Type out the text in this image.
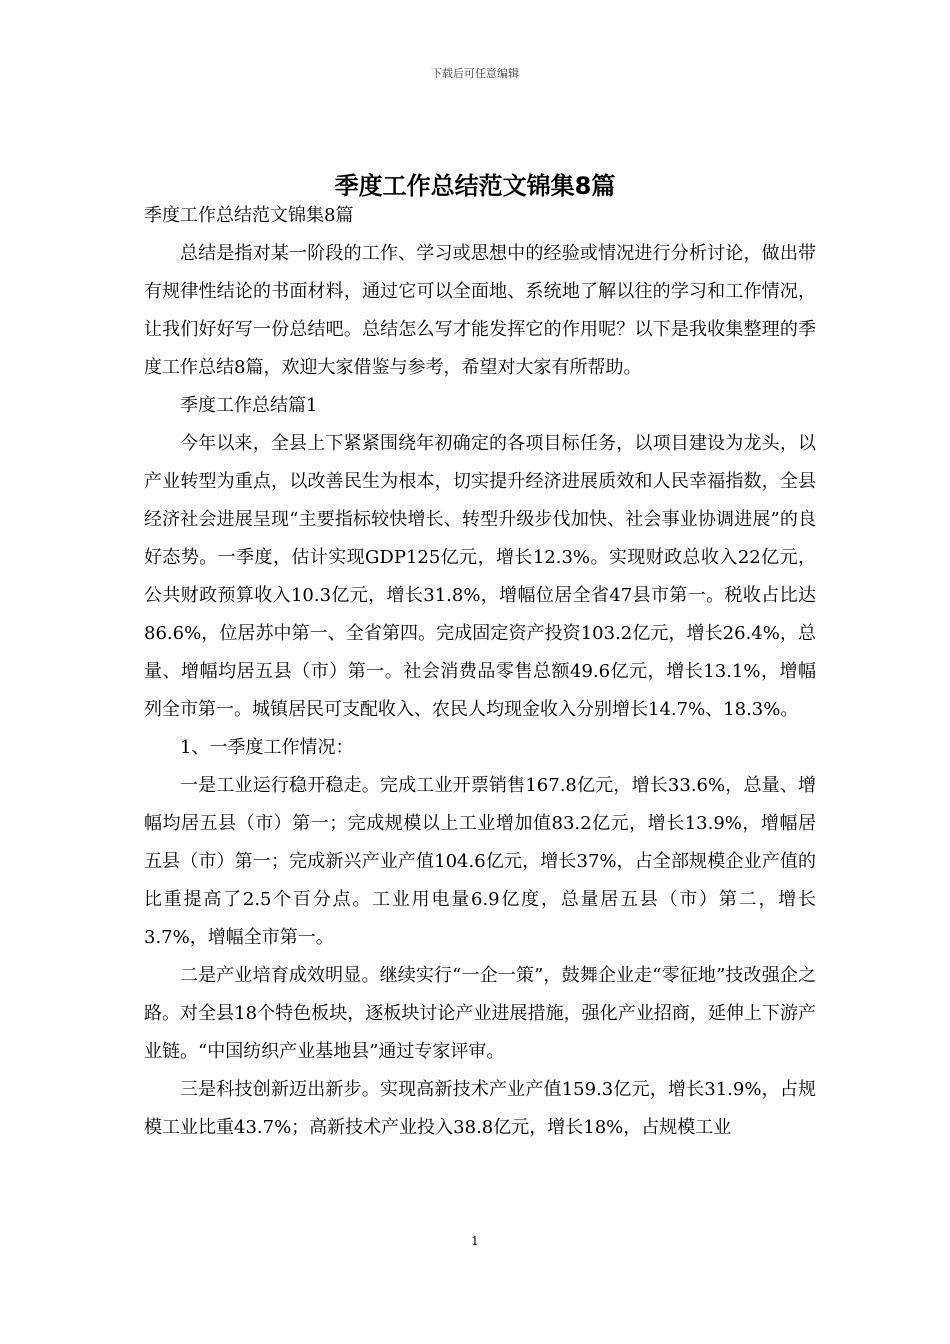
下载后可任意编辑
季度工作总结范文锦集8篇

季度工作总结范文锦集8篇

总结是指对某一阶段的工作、学习或思想中的经验或情况进行分析讨论，做出带有规律性结论的书面材料，通过它可以全面地、系统地了解以往的学习和工作情况，让我们好好写一份总结吧。总结怎么写才能发挥它的作用呢？以下是我收集整理的季度工作总结8篇，欢迎大家借鉴与参考，希望对大家有所帮助。

季度工作总结篇1

今年以来，全县上下紧紧围绕年初确定的各项目标任务，以项目建设为龙头，以产业转型为重点，以改善民生为根本，切实提升经济进展质效和人民幸福指数，全县经济社会进展呈现“主要指标较快增长、转型升级步伐加快、社会事业协调进展”的良好态势。一季度，估计实现GDP125亿元，增长12.3%。实现财政总收入22亿元，公共财政预算收入10.3亿元，增长31.8%，增幅位居全省47县市第一。税收占比达86.6%，位居苏中第一、全省第四。完成固定资产投资103.2亿元，增长26.4%，总量、增幅均居五县（市）第一。社会消费品零售总额49.6亿元，增长13.1%，增幅列全市第一。城镇居民可支配收入、农民人均现金收入分别增长14.7%、18.3%。

1、一季度工作情况：

一是工业运行稳开稳走。完成工业开票销售167.8亿元，增长33.6%，总量、增幅均居五县（市）第一；完成规模以上工业增加值83.2亿元，增长13.9%，增幅居五县（市）第一；完成新兴产业产值104.6亿元，增长37%，占全部规模企业产值的比重提高了2.5个百分点。工业用电量6.9亿度，总量居五县（市）第二，增长3.7%，增幅全市第一。

二是产业培育成效明显。继续实行“一企一策”，鼓舞企业走“零征地”技改强企之路。对全县18个特色板块，逐板块讨论产业进展措施，强化产业招商，延伸上下游产业链。“中国纺织产业基地县”通过专家评审。

三是科技创新迈出新步。实现高新技术产业产值159.3亿元，增长31.9%，占规模工业比重43.7%；高新技术产业投入38.8亿元，增长18%，占规模工业

1
